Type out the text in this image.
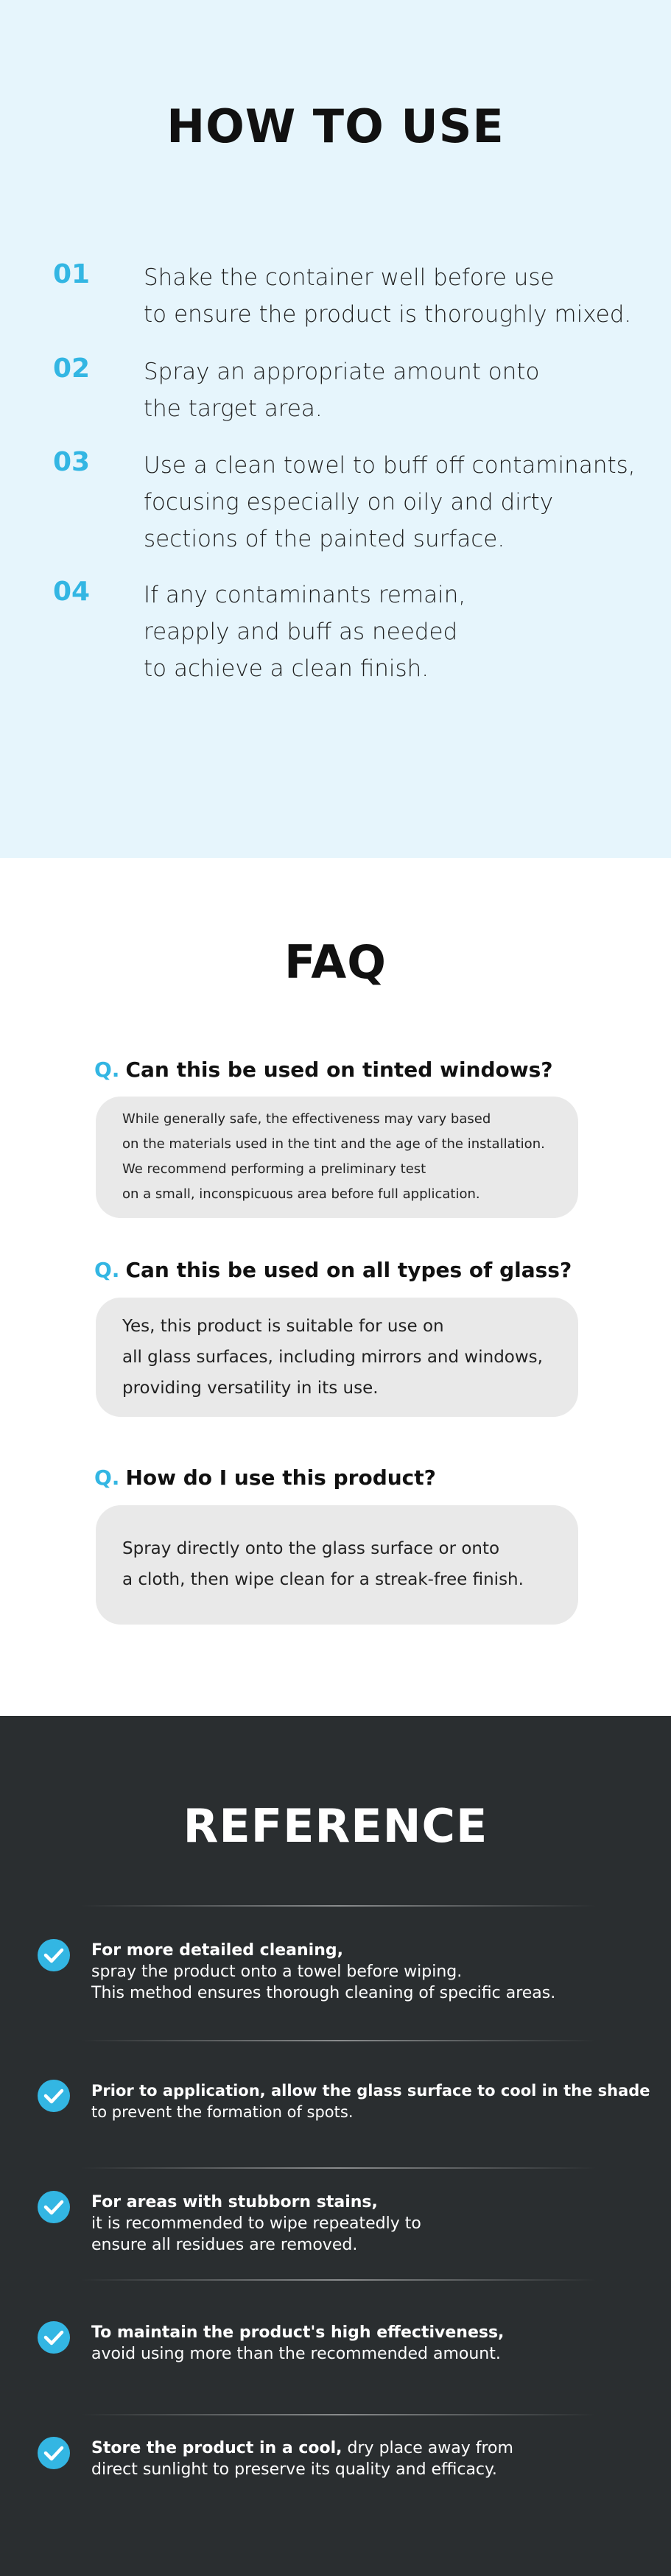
HOW TO USE
01 Shake the container well before use
to ensure the product is thoroughly mixed.
02 Spray an appropriate amount onto
the target area.
03 Use a clean towel to buff off contaminants,
focusing especially on oily and dirty
sections of the painted surface.
04 If any contaminants remain,
reapply and buff as needed
to achieve a clean finish.
FAQ
Q. Can this be used on tinted windows?
While generally safe, the effectiveness may vary based
on the materials used in the tint and the age of the installation.
We recommend performing a preliminary test
on a small, inconspicuous area before full application.
Q. Can this be used on all types of glass?
Yes, this product is suitable for use on
all glass surfaces, including mirrors and windows,
providing versatility in its use.
Q. How do I use this product?
Spray directly onto the glass surface or onto
a cloth, then wipe clean for a streak-free finish.
REFERENCE
For more detailed cleaning,
spray the product onto a towel before wiping.
This method ensures thorough cleaning of specific areas.
Prior to application, allow the glass surface to cool in the shade
to prevent the formation of spots.
For areas with stubborn stains,
it is recommended to wipe repeatedly to
ensure all residues are removed.
To maintain the product's high effectiveness,
avoid using more than the recommended amount.
Store the product in a cool, dry place away from
direct sunlight to preserve its quality and efficacy.
